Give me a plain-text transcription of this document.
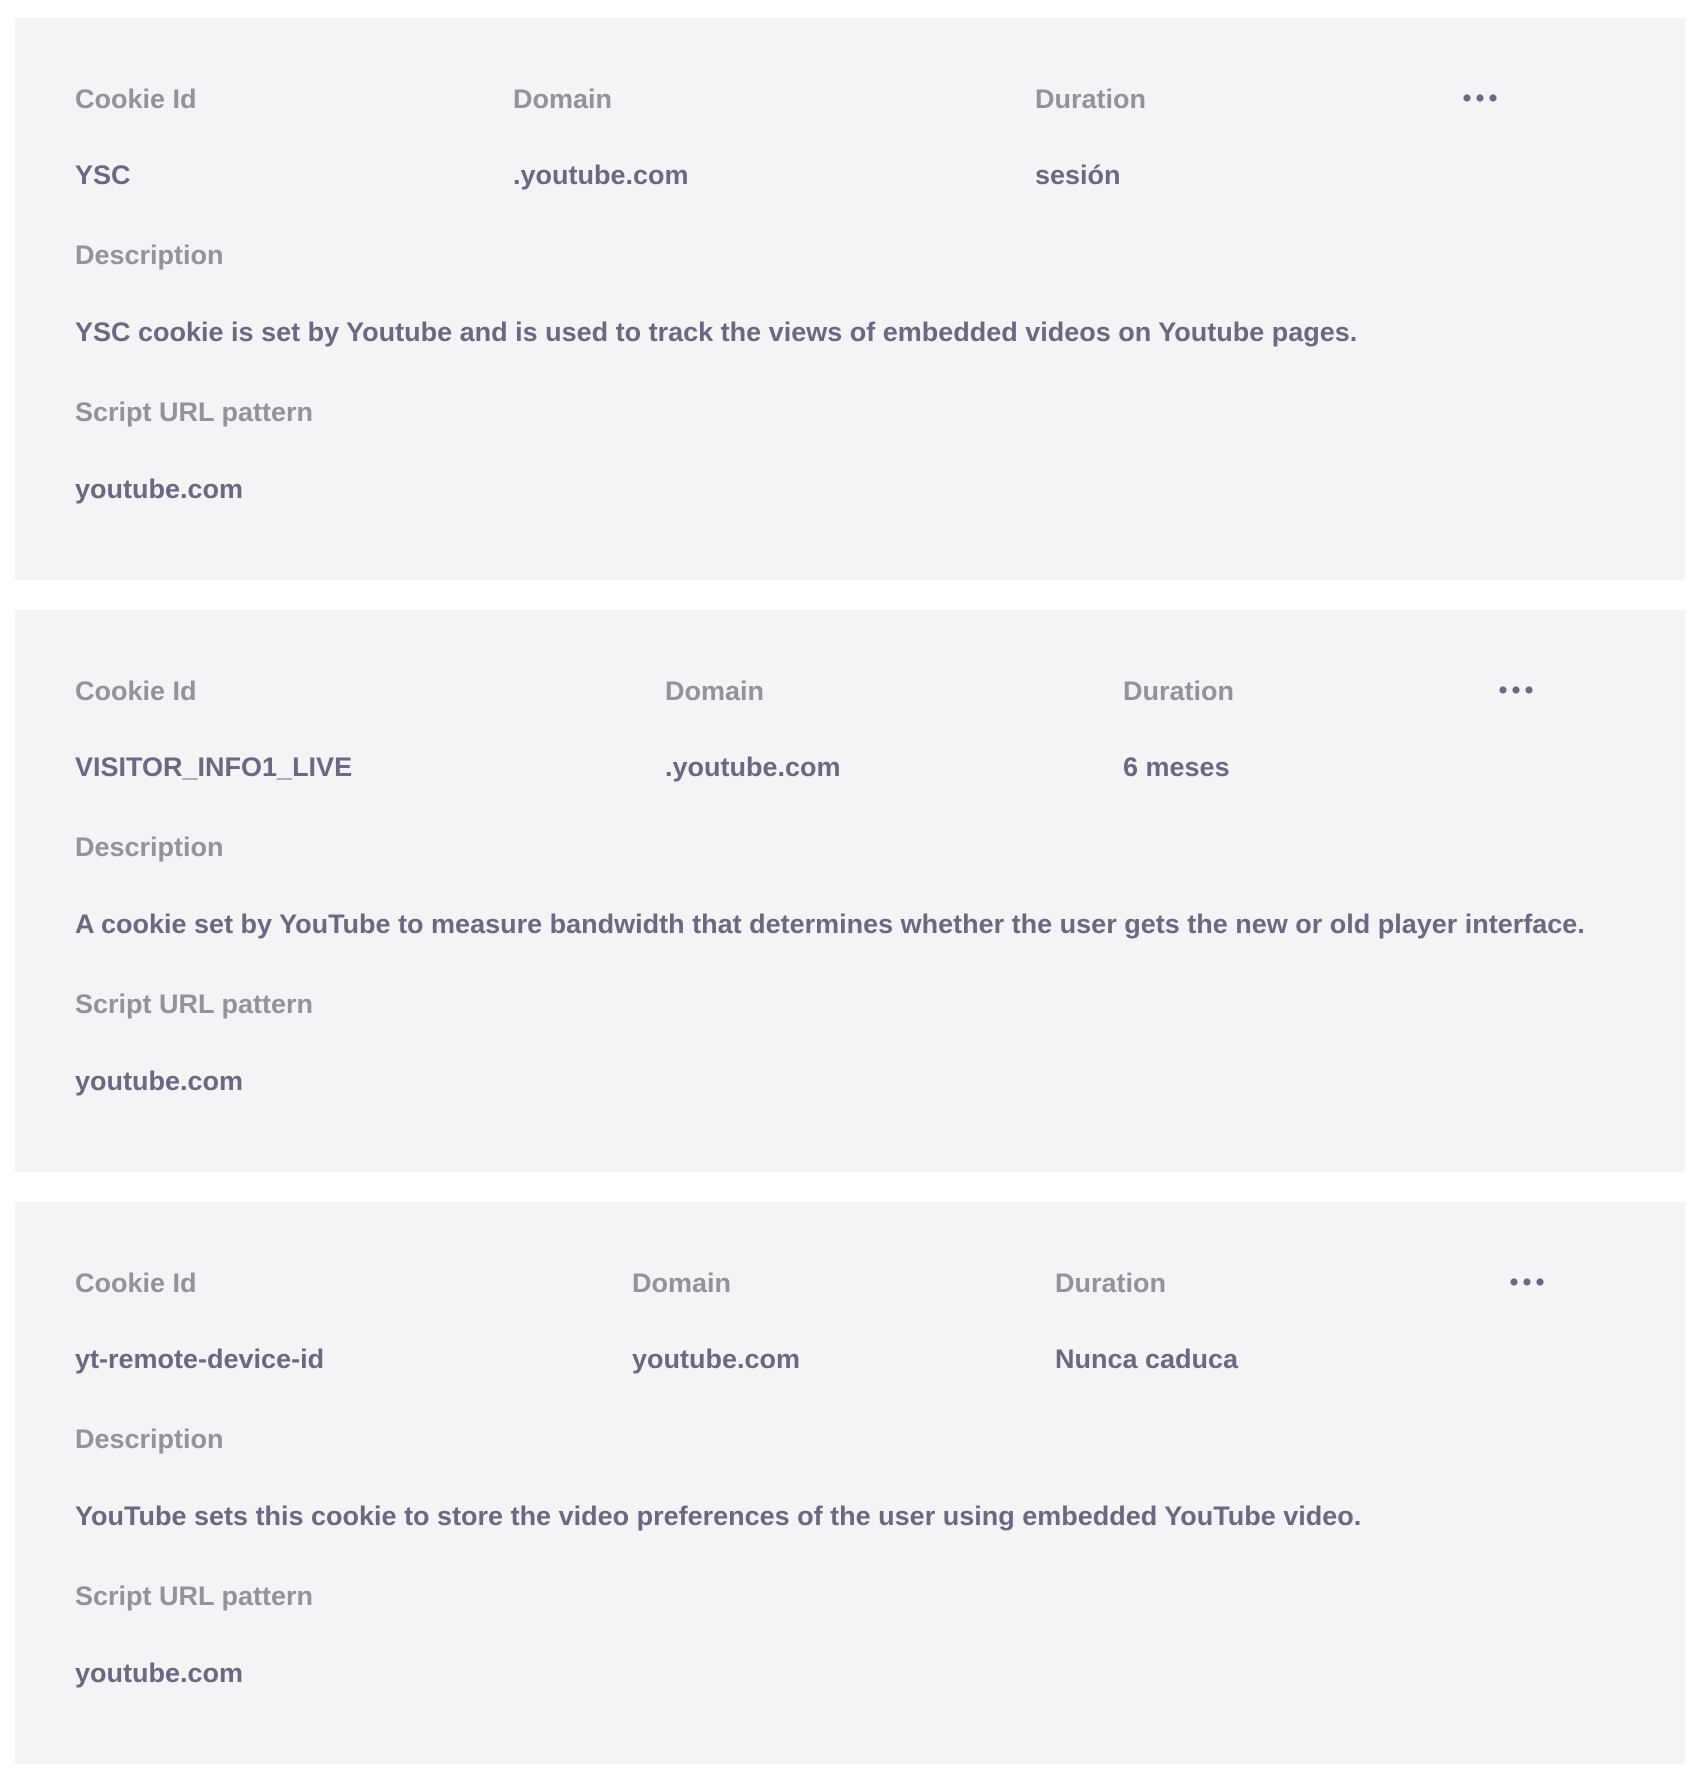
Cookie Id	Domain	Duration
YSC	.youtube.com	sesión
Description
YSC cookie is set by Youtube and is used to track the views of embedded videos on Youtube pages.
Script URL pattern
youtube.com
Cookie Id	Domain	Duration
VISITOR_INFO1_LIVE	.youtube.com	6 meses
Description
A cookie set by YouTube to measure bandwidth that determines whether the user gets the new or old player interface.
Script URL pattern
youtube.com
Cookie Id	Domain	Duration
yt-remote-device-id	youtube.com	Nunca caduca
Description
YouTube sets this cookie to store the video preferences of the user using embedded YouTube video.
Script URL pattern
youtube.com
